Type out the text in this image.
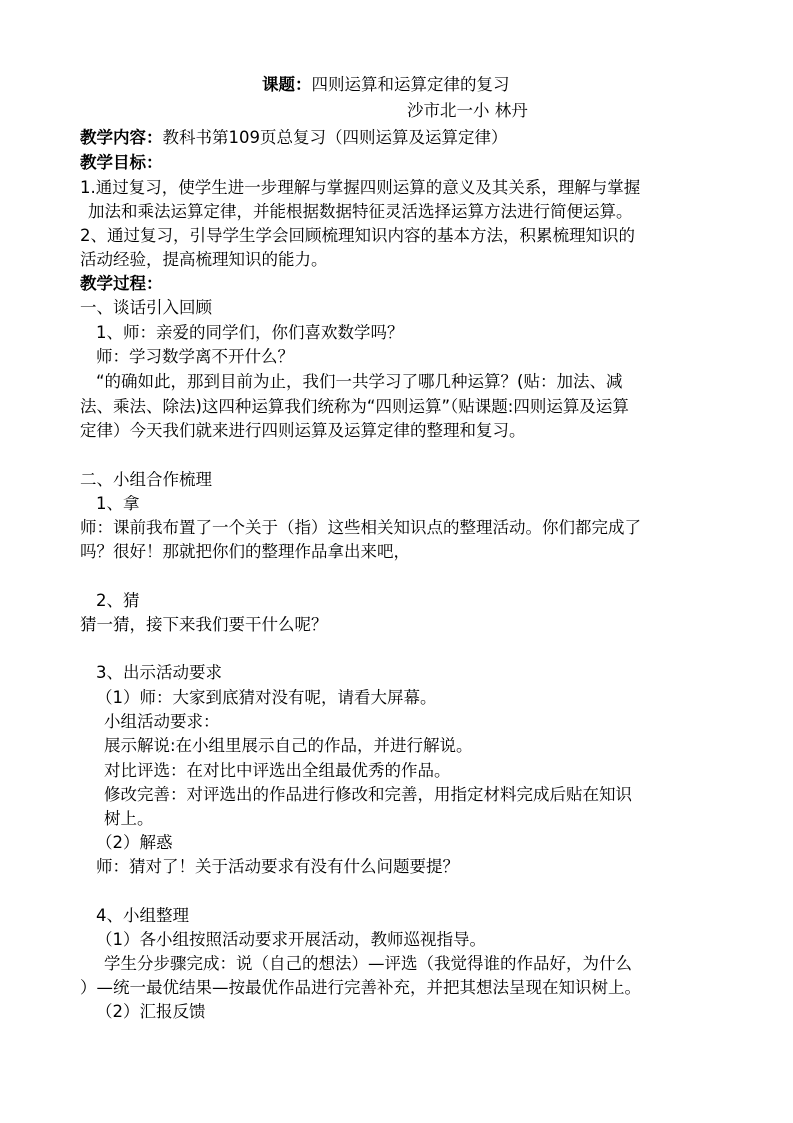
课题：四则运算和运算定律的复习
沙市北一小 林丹
教学内容：教科书第109页总复习（四则运算及运算定律）
教学目标：
1.通过复习，使学生进一步理解与掌握四则运算的意义及其关系，理解与掌握
加法和乘法运算定律，并能根据数据特征灵活选择运算方法进行简便运算。
2、通过复习，引导学生学会回顾梳理知识内容的基本方法，积累梳理知识的
活动经验，提高梳理知识的能力。
教学过程：
一、谈话引入回顾
1、师：亲爱的同学们，你们喜欢数学吗？
师：学习数学离不开什么？
“的确如此，那到目前为止，我们一共学习了哪几种运算？(贴：加法、减
法、乘法、除法)这四种运算我们统称为“四则运算”（贴课题:四则运算及运算
定律）今天我们就来进行四则运算及运算定律的整理和复习。
二、小组合作梳理
1、拿
师：课前我布置了一个关于（指）这些相关知识点的整理活动。你们都完成了
吗？很好！那就把你们的整理作品拿出来吧，
2、猜
猜一猜，接下来我们要干什么呢？
3、出示活动要求
（1）师：大家到底猜对没有呢，请看大屏幕。
小组活动要求：
展示解说:在小组里展示自己的作品，并进行解说。
对比评选：在对比中评选出全组最优秀的作品。
修改完善：对评选出的作品进行修改和完善，用指定材料完成后贴在知识
树上。
（2）解惑
师：猜对了！关于活动要求有没有什么问题要提？
4、小组整理
（1）各小组按照活动要求开展活动，教师巡视指导。
学生分步骤完成：说（自己的想法）—评选（我觉得谁的作品好，为什么
）—统一最优结果—按最优作品进行完善补充，并把其想法呈现在知识树上。
（2）汇报反馈
